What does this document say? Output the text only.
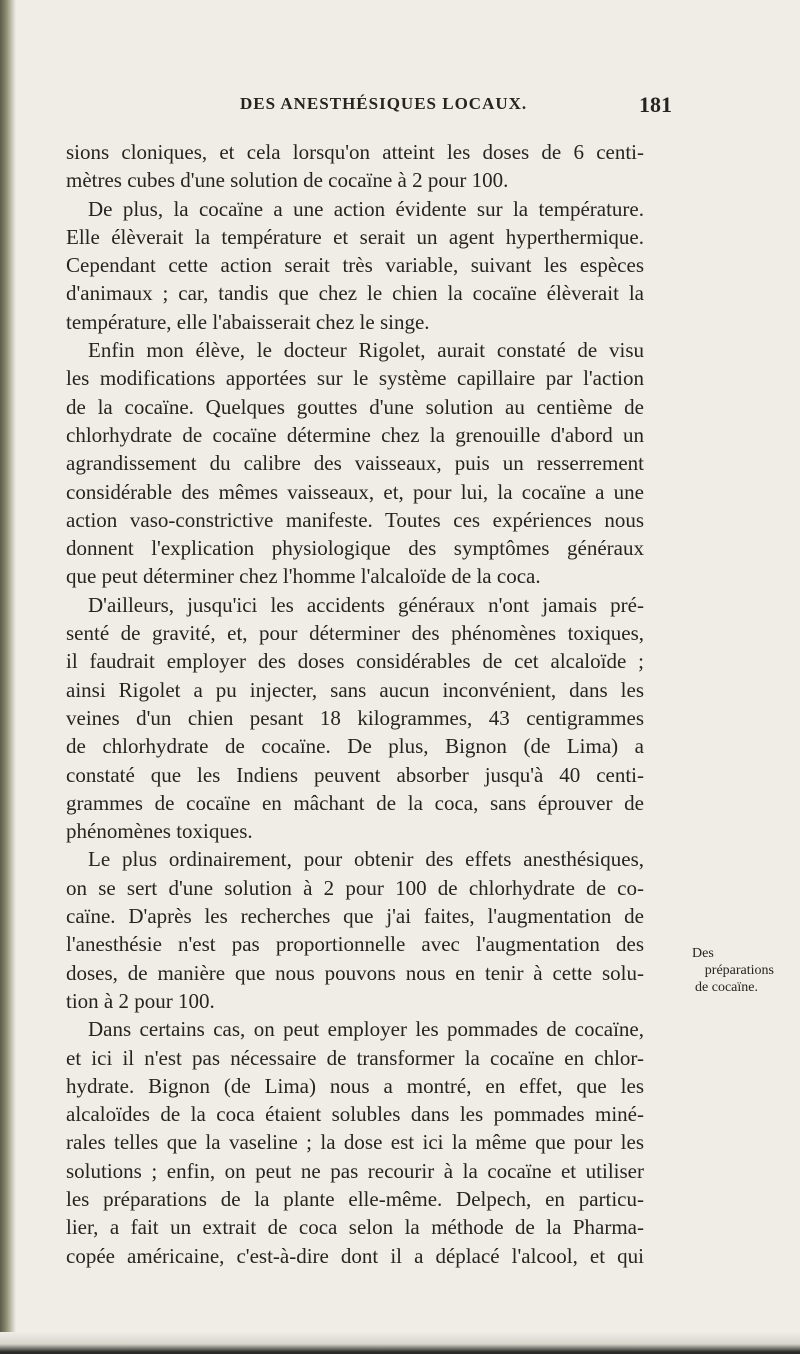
DES ANESTHÉSIQUES LOCAUX.	181
sions cloniques, et cela lorsqu'on atteint les doses de 6 centi-
mètres cubes d'une solution de cocaïne à 2 pour 100.
De plus, la cocaïne a une action évidente sur la température.
Elle élèverait la température et serait un agent hyperthermique.
Cependant cette action serait très variable, suivant les espèces
d'animaux ; car, tandis que chez le chien la cocaïne élèverait la
température, elle l'abaisserait chez le singe.
Enfin mon élève, le docteur Rigolet, aurait constaté de visu
les modifications apportées sur le système capillaire par l'action
de la cocaïne. Quelques gouttes d'une solution au centième de
chlorhydrate de cocaïne détermine chez la grenouille d'abord un
agrandissement du calibre des vaisseaux, puis un resserrement
considérable des mêmes vaisseaux, et, pour lui, la cocaïne a une
action vaso-constrictive manifeste. Toutes ces expériences nous
donnent l'explication physiologique des symptômes généraux
que peut déterminer chez l'homme l'alcaloïde de la coca.
D'ailleurs, jusqu'ici les accidents généraux n'ont jamais pré-
senté de gravité, et, pour déterminer des phénomènes toxiques,
il faudrait employer des doses considérables de cet alcaloïde ;
ainsi Rigolet a pu injecter, sans aucun inconvénient, dans les
veines d'un chien pesant 18 kilogrammes, 43 centigrammes
de chlorhydrate de cocaïne. De plus, Bignon (de Lima) a
constaté que les Indiens peuvent absorber jusqu'à 40 centi-
grammes de cocaïne en mâchant de la coca, sans éprouver de
phénomènes toxiques.
Le plus ordinairement, pour obtenir des effets anesthésiques,
on se sert d'une solution à 2 pour 100 de chlorhydrate de co-
caïne. D'après les recherches que j'ai faites, l'augmentation de
l'anesthésie n'est pas proportionnelle avec l'augmentation des
doses, de manière que nous pouvons nous en tenir à cette solu-
tion à 2 pour 100.
Dans certains cas, on peut employer les pommades de cocaïne,
et ici il n'est pas nécessaire de transformer la cocaïne en chlor-
hydrate. Bignon (de Lima) nous a montré, en effet, que les
alcaloïdes de la coca étaient solubles dans les pommades miné-
rales telles que la vaseline ; la dose est ici la même que pour les
solutions ; enfin, on peut ne pas recourir à la cocaïne et utiliser
les préparations de la plante elle-même. Delpech, en particu-
lier, a fait un extrait de coca selon la méthode de la Pharma-
copée américaine, c'est-à-dire dont il a déplacé l'alcool, et qui
Des
préparations
de cocaïne.
